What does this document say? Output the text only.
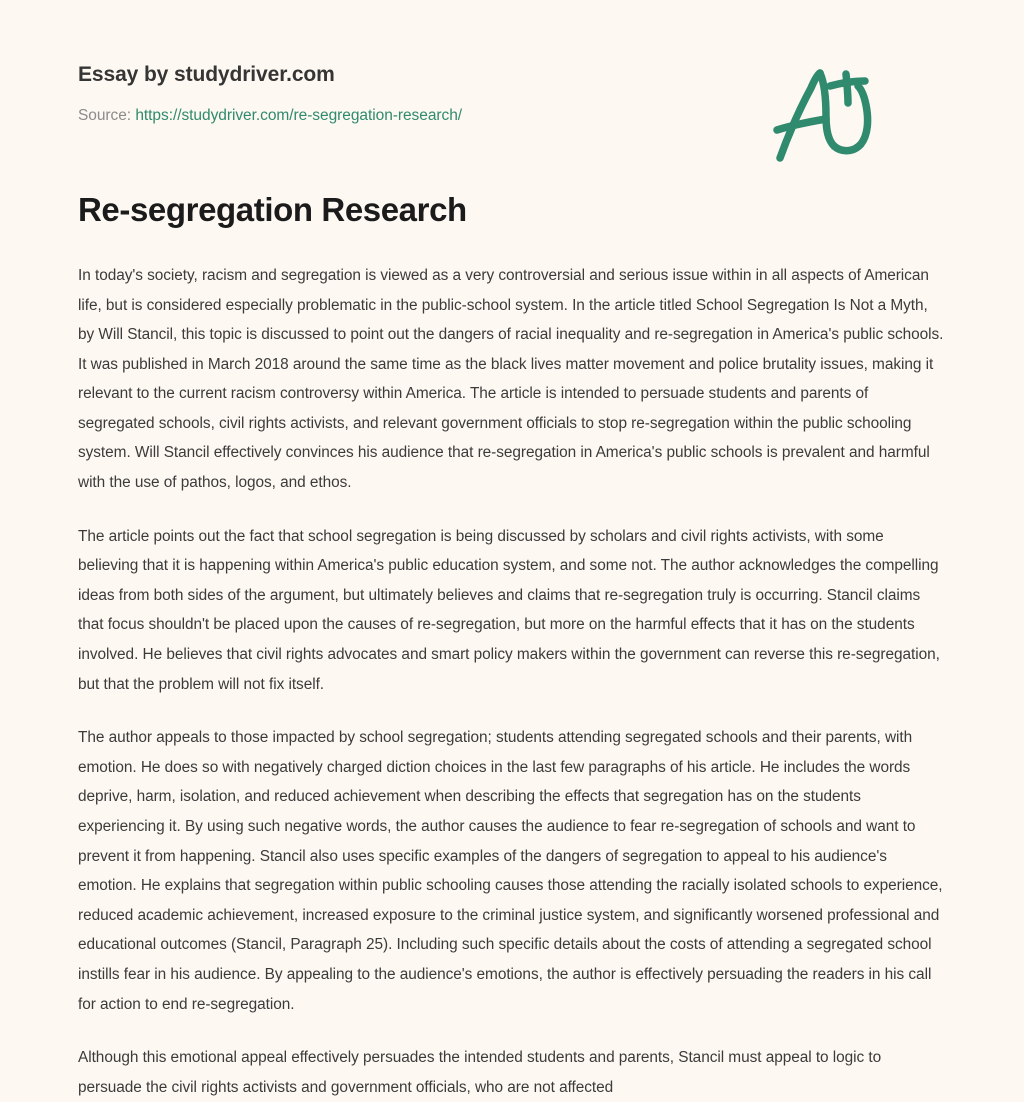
Essay by studydriver.com
Source: https://studydriver.com/re-segregation-research/
Re-segregation Research

In today's society, racism and segregation is viewed as a very controversial and serious issue within in all aspects of American life, but is considered especially problematic in the public-school system. In the article titled School Segregation Is Not a Myth, by Will Stancil, this topic is discussed to point out the dangers of racial inequality and re-segregation in America's public schools. It was published in March 2018 around the same time as the black lives matter movement and police brutality issues, making it relevant to the current racism controversy within America. The article is intended to persuade students and parents of segregated schools, civil rights activists, and relevant government officials to stop re-segregation within the public schooling system. Will Stancil effectively convinces his audience that re-segregation in America's public schools is prevalent and harmful with the use of pathos, logos, and ethos.

The article points out the fact that school segregation is being discussed by scholars and civil rights activists, with some believing that it is happening within America's public education system, and some not. The author acknowledges the compelling ideas from both sides of the argument, but ultimately believes and claims that re-segregation truly is occurring. Stancil claims that focus shouldn't be placed upon the causes of re-segregation, but more on the harmful effects that it has on the students involved. He believes that civil rights advocates and smart policy makers within the government can reverse this re-segregation, but that the problem will not fix itself.

The author appeals to those impacted by school segregation; students attending segregated schools and their parents, with emotion. He does so with negatively charged diction choices in the last few paragraphs of his article. He includes the words deprive, harm, isolation, and reduced achievement when describing the effects that segregation has on the students experiencing it. By using such negative words, the author causes the audience to fear re-segregation of schools and want to prevent it from happening. Stancil also uses specific examples of the dangers of segregation to appeal to his audience's emotion. He explains that segregation within public schooling causes those attending the racially isolated schools to experience, reduced academic achievement, increased exposure to the criminal justice system, and significantly worsened professional and educational outcomes (Stancil, Paragraph 25). Including such specific details about the costs of attending a segregated school instills fear in his audience. By appealing to the audience's emotions, the author is effectively persuading the readers in his call for action to end re-segregation.

Although this emotional appeal effectively persuades the intended students and parents, Stancil must appeal to logic to persuade the civil rights activists and government officials, who are not affected
